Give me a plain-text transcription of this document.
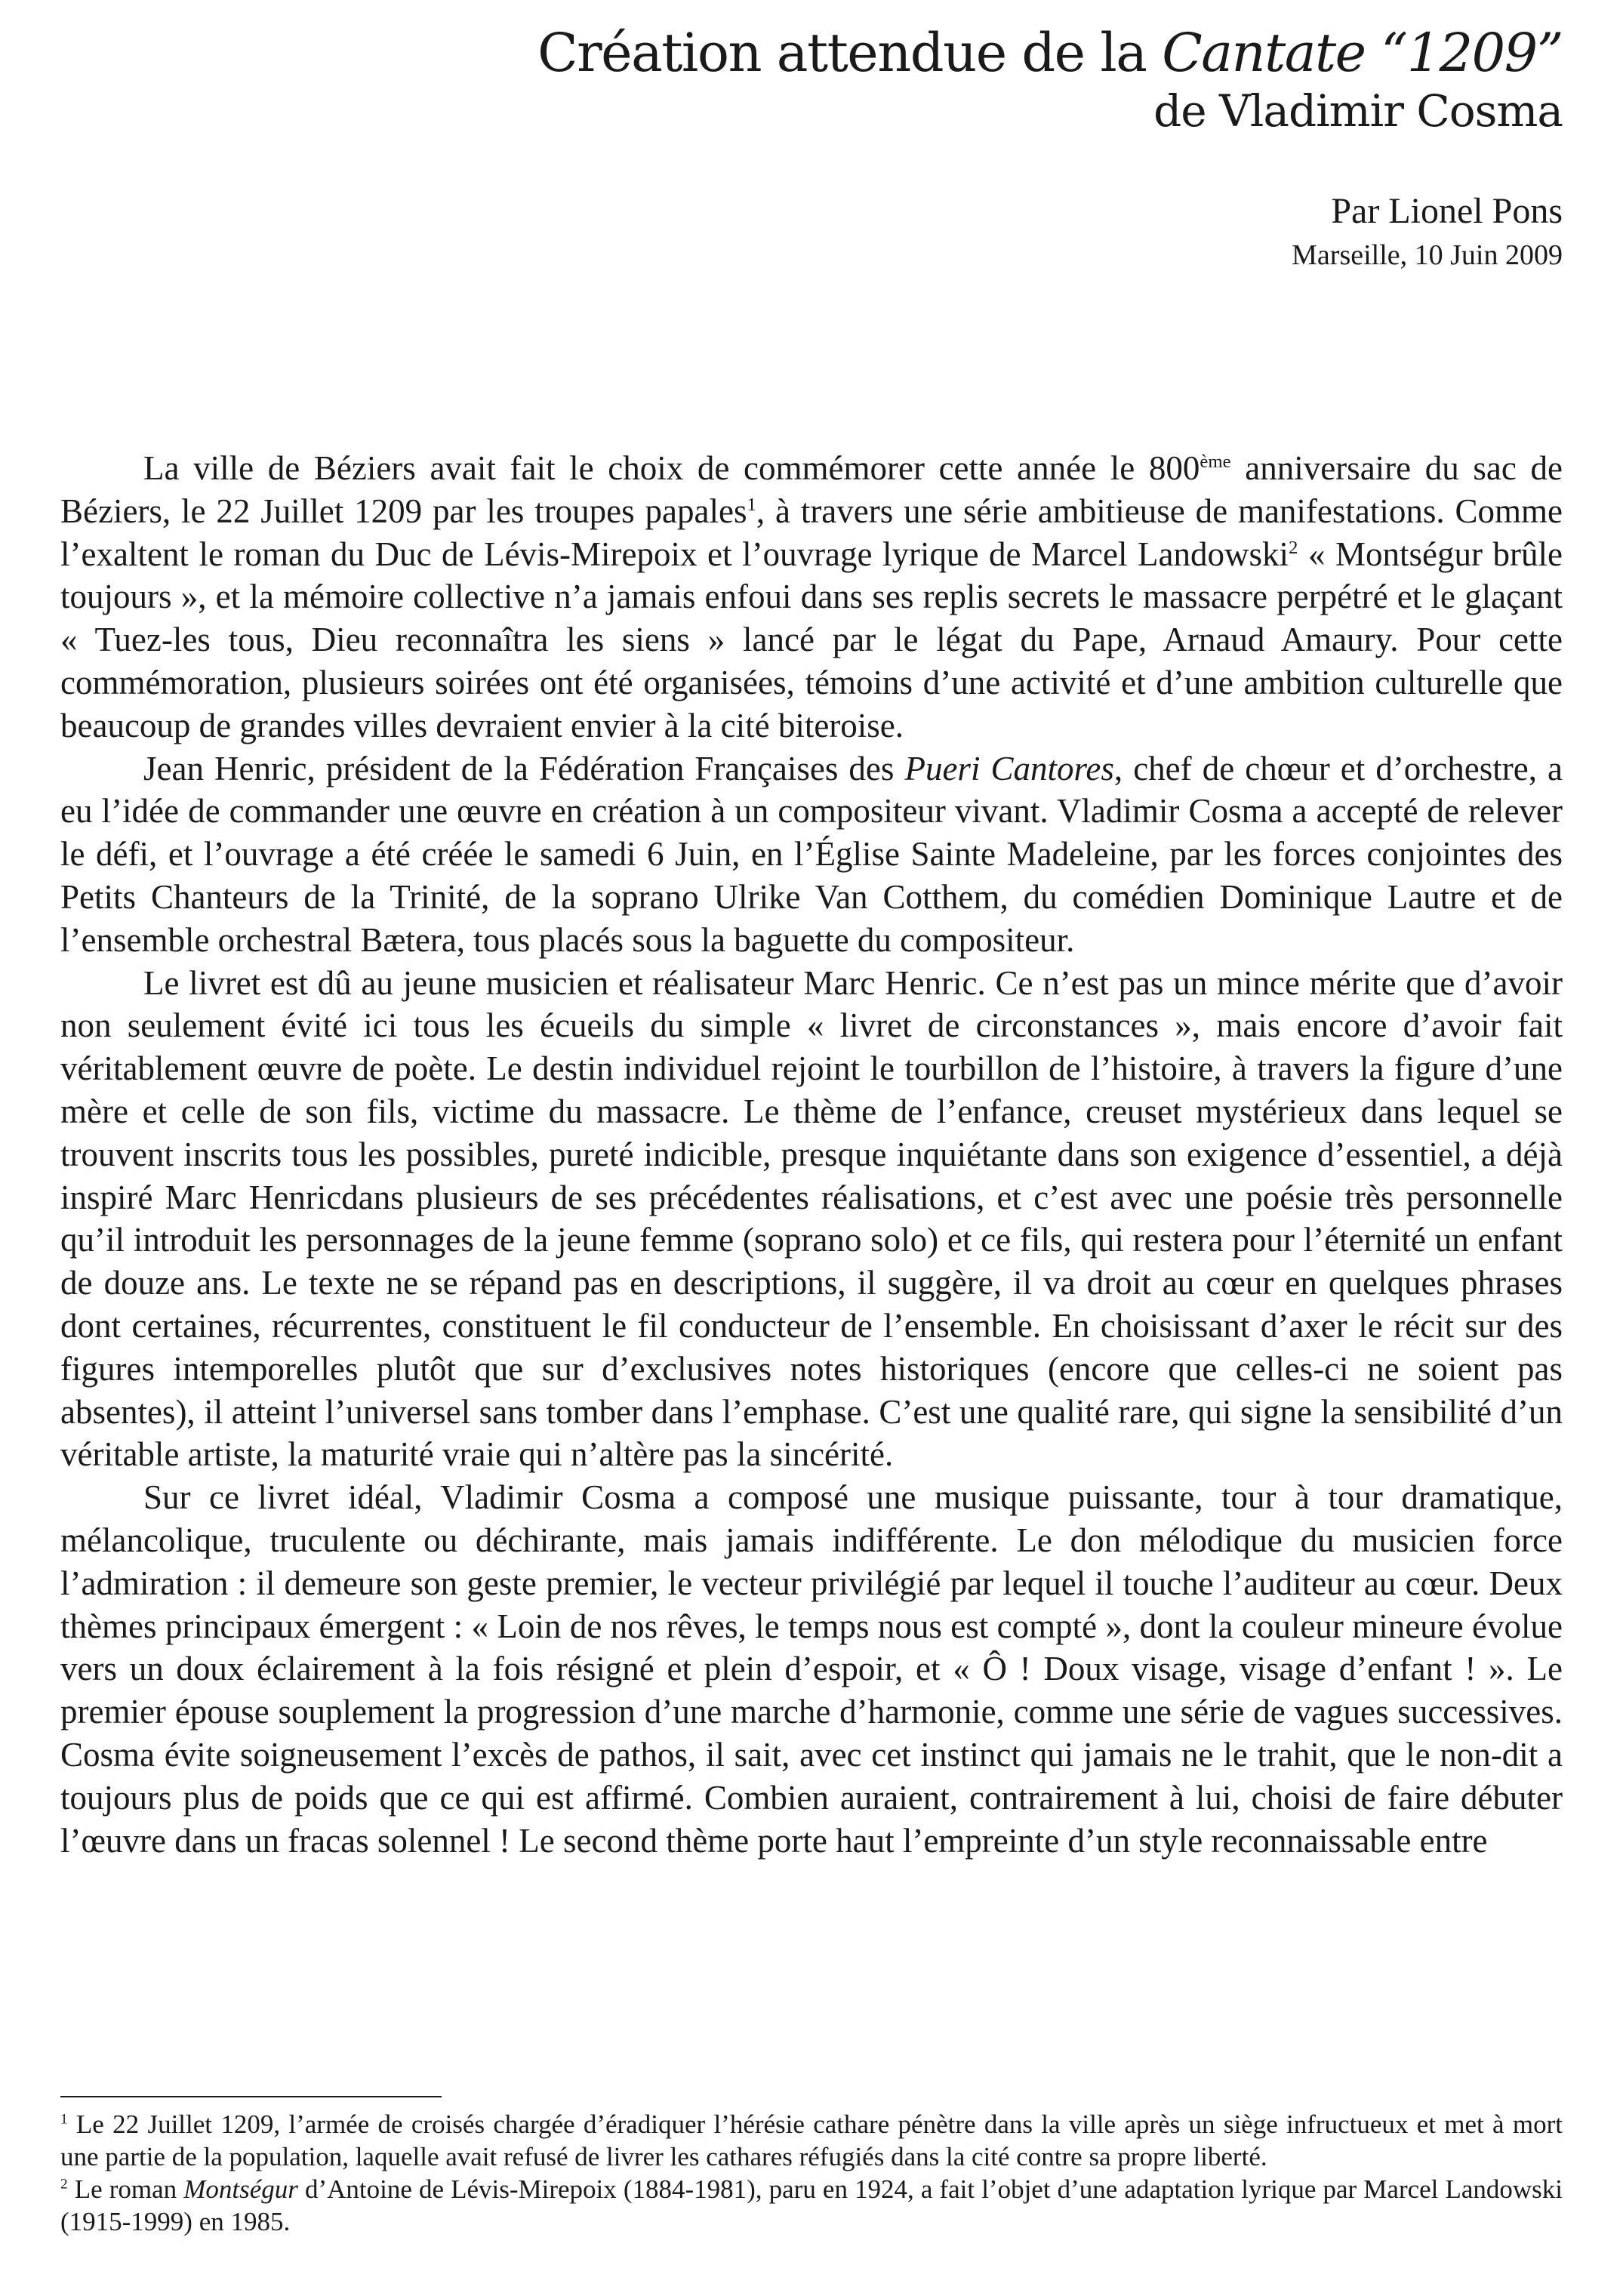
Création attendue de la Cantate “1209”
de Vladimir Cosma
Par Lionel Pons
Marseille, 10 Juin 2009

La ville de Béziers avait fait le choix de commémorer cette année le 800ème anniversaire du sac de Béziers, le 22 Juillet 1209 par les troupes papales$^1$, à travers une série ambitieuse de manifestations. Comme l’exaltent le roman du Duc de Lévis-Mirepoix et l’ouvrage lyrique de Marcel Landowski$^2$ « Montségur brûle toujours », et la mémoire collective n’a jamais enfoui dans ses replis secrets le massacre perpétré et le glaçant « Tuez-les tous, Dieu reconnaîtra les siens » lancé par le légat du Pape, Arnaud Amaury. Pour cette commémoration, plusieurs soirées ont été organisées, témoins d’une activité et d’une ambition culturelle que beaucoup de grandes villes devraient envier à la cité biteroise.

Jean Henric, président de la Fédération Françaises des Pueri Cantores, chef de chœur et d’orchestre, a eu l’idée de commander une œuvre en création à un compositeur vivant. Vladimir Cosma a accepté de relever le défi, et l’ouvrage a été créée le samedi 6 Juin, en l’Église Sainte Madeleine, par les forces conjointes des Petits Chanteurs de la Trinité, de la soprano Ulrike Van Cotthem, du comédien Dominique Lautre et de l’ensemble orchestral Bætera, tous placés sous la baguette du compositeur.

Le livret est dû au jeune musicien et réalisateur Marc Henric. Ce n’est pas un mince mérite que d’avoir non seulement évité ici tous les écueils du simple « livret de circonstances », mais encore d’avoir fait véritablement œuvre de poète. Le destin individuel rejoint le tourbillon de l’histoire, à travers la figure d’une mère et celle de son fils, victime du massacre. Le thème de l’enfance, creuset mystérieux dans lequel se trouvent inscrits tous les possibles, pureté indicible, presque inquiétante dans son exigence d’essentiel, a déjà inspiré Marc Henricdans plusieurs de ses précédentes réalisations, et c’est avec une poésie très personnelle qu’il introduit les personnages de la jeune femme (soprano solo) et ce fils, qui restera pour l’éternité un enfant de douze ans. Le texte ne se répand pas en descriptions, il suggère, il va droit au cœur en quelques phrases dont certaines, récurrentes, constituent le fil conducteur de l’ensemble. En choisissant d’axer le récit sur des figures intemporelles plutôt que sur d’exclusives notes historiques (encore que celles-ci ne soient pas absentes), il atteint l’universel sans tomber dans l’emphase. C’est une qualité rare, qui signe la sensibilité d’un véritable artiste, la maturité vraie qui n’altère pas la sincérité.

Sur ce livret idéal, Vladimir Cosma a composé une musique puissante, tour à tour dramatique, mélancolique, truculente ou déchirante, mais jamais indifférente. Le don mélodique du musicien force l’admiration : il demeure son geste premier, le vecteur privilégié par lequel il touche l’auditeur au cœur. Deux thèmes principaux émergent : « Loin de nos rêves, le temps nous est compté », dont la couleur mineure évolue vers un doux éclairement à la fois résigné et plein d’espoir, et « Ô ! Doux visage, visage d’enfant ! ». Le premier épouse souplement la progression d’une marche d’harmonie, comme une série de vagues successives. Cosma évite soigneusement l’excès de pathos, il sait, avec cet instinct qui jamais ne le trahit, que le non-dit a toujours plus de poids que ce qui est affirmé. Combien auraient, contrairement à lui, choisi de faire débuter l’œuvre dans un fracas solennel ! Le second thème porte haut l’empreinte d’un style reconnaissable entre

$^1$ Le 22 Juillet 1209, l’armée de croisés chargée d’éradiquer l’hérésie cathare pénètre dans la ville après un siège infructueux et met à mort une partie de la population, laquelle avait refusé de livrer les cathares réfugiés dans la cité contre sa propre liberté.

$^2$ Le roman Montségur d’Antoine de Lévis-Mirepoix (1884-1981), paru en 1924, a fait l’objet d’une adaptation lyrique par Marcel Landowski (1915-1999) en 1985.
